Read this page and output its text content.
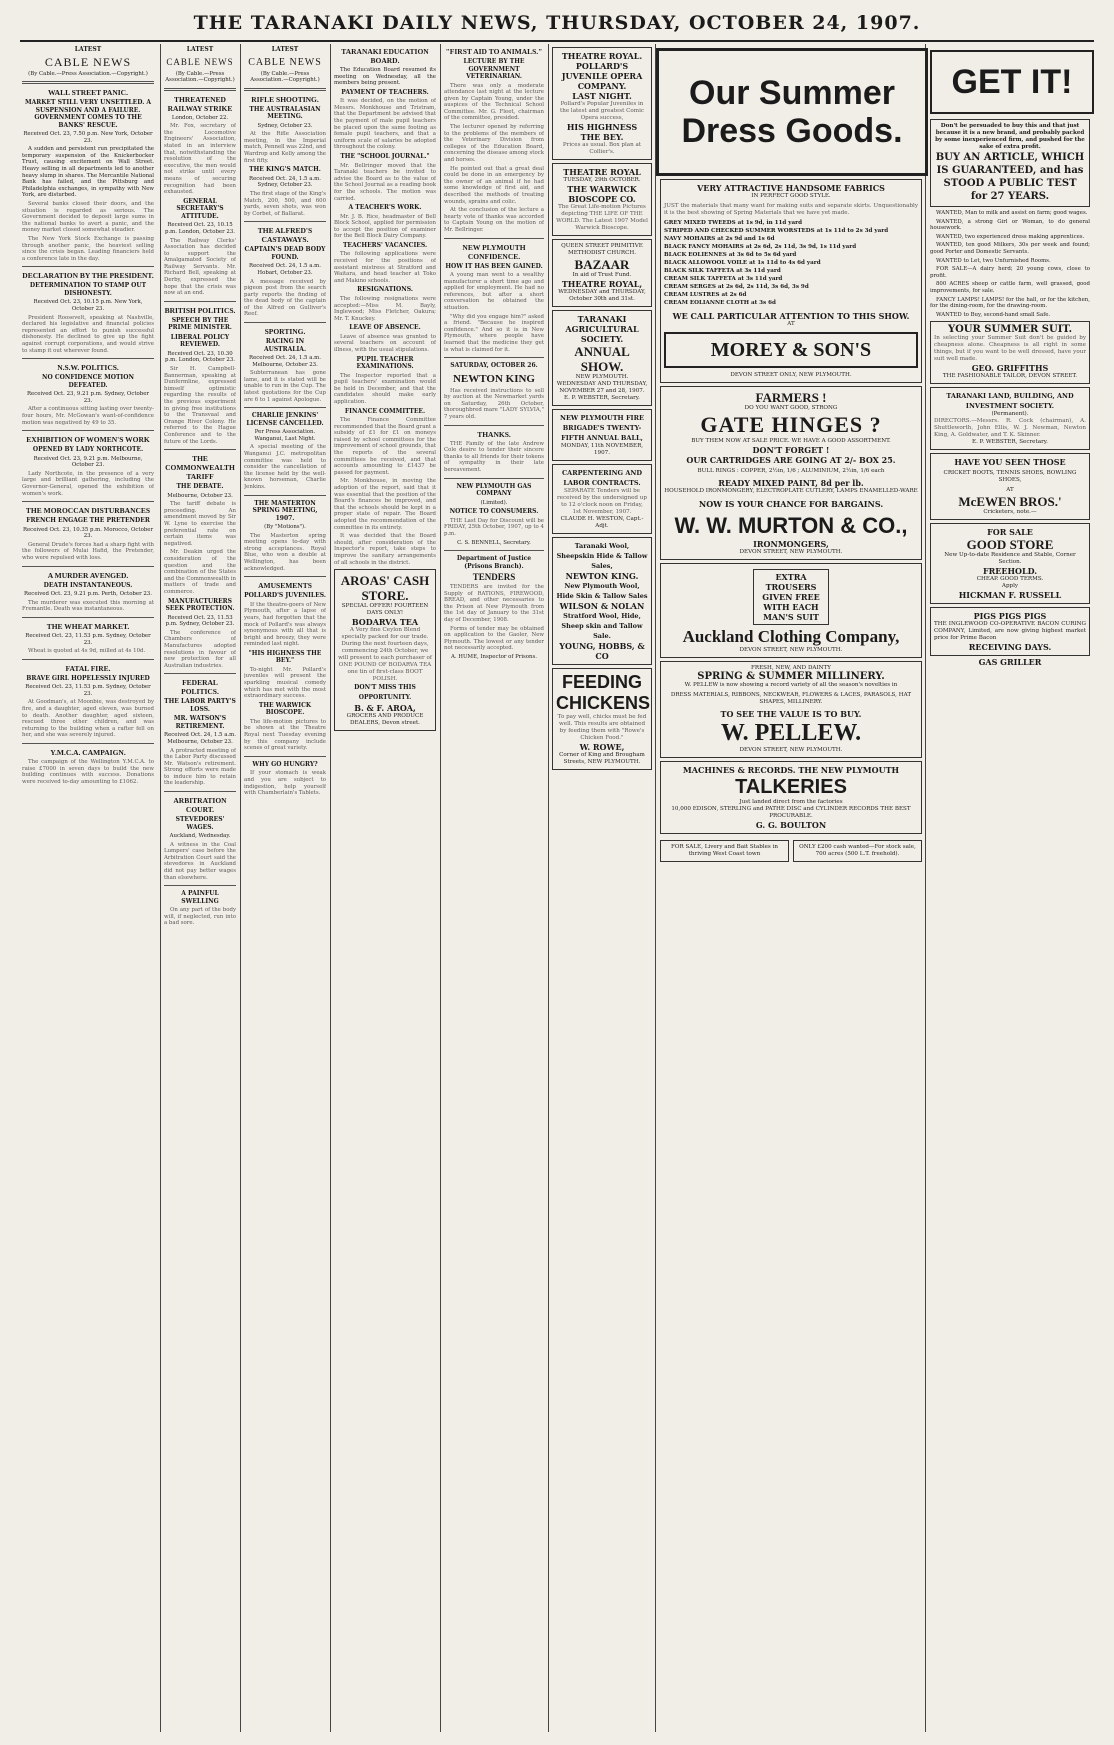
THE TARANAKI DAILY NEWS, THURSDAY, OCTOBER 24, 1907.
LATEST
CABLE NEWS
(By Cable.—Press Association.—Copyright.)
WALL STREET PANIC.
MARKET STILL VERY UNSETTLED. A SUSPENSION AND A FAILURE. GOVERNMENT COMES TO THE BANKS' RESCUE.
Received Oct. 23, 7.50 p.m. New York, October 23.

A sudden and persistent run precipitated the temporary suspension of the Knickerbocker Trust, causing excitement on Wall Street. Heavy selling in all departments led to another heavy slump in shares. The Mercantile National Bank has failed, and the Pittsburg and Philadelphia exchanges, in sympathy with New York, are disturbed.

Several banks closed their doors, and the situation is regarded as serious. The Government decided to deposit large sums in the national banks to avert a panic, and the money market closed somewhat steadier.

The New York Stock Exchange is passing through another panic, the heaviest selling since the crisis began. Leading financiers held a conference late in the day.

DECLARATION BY THE PRESIDENT.
DETERMINATION TO STAMP OUT DISHONESTY.
Received Oct. 23, 10.15 p.m. New York, October 23.

President Roosevelt, speaking at Nashville, declared his legislative and financial policies represented an effort to punish successful dishonesty. He declined to give up the fight against corrupt corporations, and would strive to stamp it out wherever found.

N.S.W. POLITICS.
NO CONFIDENCE MOTION DEFEATED.
Received Oct. 23, 9.21 p.m. Sydney, October 23.

After a continuous sitting lasting over twenty-four hours, Mr. McGowan's want-of-confidence motion was negatived by 49 to 35.

EXHIBITION OF WOMEN'S WORK
OPENED BY LADY NORTHCOTE.
Received Oct. 23, 9.21 p.m. Melbourne, October 23.

Lady Northcote, in the presence of a very large and brilliant gathering, including the Governor-General, opened the exhibition of women's work.

THE MOROCCAN DISTURBANCES
FRENCH ENGAGE THE PRETENDER
Received Oct. 23, 10.35 p.m. Morocco, October 23.

General Drude's forces had a sharp fight with the followers of Mulai Hafid, the Pretender, who were repulsed with loss.

A MURDER AVENGED.
DEATH INSTANTANEOUS.
Received Oct. 23, 9.21 p.m. Perth, October 23.

The murderer was executed this morning at Fremantle. Death was instantaneous.

THE WHEAT MARKET.
Received Oct. 23, 11.53 p.m. Sydney, October 23.

Wheat is quoted at 4s 9d, milled at 4s 10d.

FATAL FIRE.
BRAVE GIRL HOPELESSLY INJURED
Received Oct. 23, 11.53 p.m. Sydney, October 23.

At Goodman's, at Moonbie, was destroyed by fire, and a daughter, aged eleven, was burned to death. Another daughter, aged sixteen, rescued three other children, and was returning to the building when a rafter fell on her, and she was severely injured.

Y.M.C.A. CAMPAIGN.

The campaign of the Wellington Y.M.C.A. to raise £7000 in seven days to build the new building continues with success. Donations were received to-day amounting to £1062.

LATEST
CABLE NEWS
(By Cable.—Press Association.—Copyright.)
THREATENED RAILWAY STRIKE
London, October 22.

Mr. Fox, secretary of the Locomotive Engineers' Association, stated in an interview that, notwithstanding the resolution of the executive, the men would not strike until every means of securing recognition had been exhausted.

GENERAL SECRETARY'S ATTITUDE.
Received Oct. 23, 10.15 p.m. London, October 23.

The Railway Clerks' Association has decided to support the Amalgamated Society of Railway Servants. Mr. Richard Bell, speaking at Derby, expressed the hope that the crisis was now at an end.

BRITISH POLITICS.
SPEECH BY THE PRIME MINISTER.
LIBERAL POLICY REVIEWED.
Received Oct. 23, 10.30 p.m. London, October 23.

Sir H. Campbell-Bannerman, speaking at Dunfermline, expressed himself optimistic regarding the results of the previous experiment in giving free institutions to the Transvaal and Orange River Colony. He referred to the Hague Conference and to the future of the Lords.

THE COMMONWEALTH TARIFF
THE DEBATE.
Melbourne, October 23.

The tariff debate is proceeding. An amendment moved by Sir W. Lyne to exercise the preferential rate on certain items was negatived.

Mr. Deakin urged the consideration of the question and the combination of the States and the Commonwealth in matters of trade and commerce.

MANUFACTURERS SEEK PROTECTION.
Received Oct. 23, 11.53 p.m. Sydney, October 23.

The conference of Chambers of Manufactures adopted resolutions in favour of new protection for all Australian industries.

FEDERAL POLITICS.
THE LABOR PARTY'S LOSS.
MR. WATSON'S RETIREMENT.
Received Oct. 24, 1.5 a.m. Melbourne, October 23.

A protracted meeting of the Labor Party discussed Mr. Watson's retirement. Strong efforts were made to induce him to retain the leadership.

ARBITRATION COURT.
STEVEDORES' WAGES.
Auckland, Wednesday.

A witness in the Coal Lumpers' case before the Arbitration Court said the stevedores in Auckland did not pay better wages than elsewhere.

A PAINFUL SWELLING

On any part of the body will, if neglected, run into a bad sore.

LATEST
CABLE NEWS
(By Cable.—Press Association.—Copyright.)
RIFLE SHOOTING.
THE AUSTRALASIAN MEETING.
Sydney, October 23.

At the Rifle Association meeting, in the Imperial match, Pennell was 22nd, and Wardrop and Kelly among the first fifty.

THE KING'S MATCH.
Received Oct. 24, 1.5 a.m. Sydney, October 23.

The first stage of the King's Match, 200, 500, and 600 yards, seven shots, was won by Corbet, of Ballarat.

THE ALFRED'S CASTAWAYS.
CAPTAIN'S DEAD BODY FOUND.
Received Oct. 24, 1.5 a.m. Hobart, October 23.

A message received by pigeon post from the search party reports the finding of the dead body of the captain of the Alfred on Gulliver's Reef.

SPORTING.
RACING IN AUSTRALIA.
Received Oct. 24, 1.5 a.m. Melbourne, October 23.

Subterranean has gone lame, and it is stated will be unable to run in the Cup. The latest quotations for the Cup are 6 to 1 against Apologue.

CHARLIE JENKINS' LICENSE CANCELLED.
Per Press Association. Wanganui, Last Night.

A special meeting of the Wanganui J.C. metropolitan committee was held to consider the cancellation of the license held by the well-known horseman, Charlie Jenkins.

THE MASTERTON SPRING MEETING, 1907.
(By "Motions").

The Masterton spring meeting opens to-day with strong acceptances. Royal Blue, who won a double at Wellington, has been acknowledged.

AMUSEMENTS
POLLARD'S JUVENILES.

If the theatre-goers of New Plymouth, after a lapse of years, had forgotten that the mock of Pollard's was always synonymous with all that is bright and breezy, they were reminded last night.

"HIS HIGHNESS THE BEY."

To-night Mr. Pollard's juveniles will present the sparkling musical comedy which has met with the most extraordinary success.

THE WARWICK BIOSCOPE.

The life-motion pictures to be shown at the Theatre Royal next Tuesday evening by this company include scenes of great variety.

WHY GO HUNGRY?

If your stomach is weak and you are subject to indigestion, help yourself with Chamberlain's Tablets.

TARANAKI EDUCATION BOARD.

The Education Board resumed its meeting on Wednesday, all the members being present.

PAYMENT OF TEACHERS.

It was decided, on the motion of Messrs. Monkhouse and Tristram, that the Department be advised that the payment of male pupil teachers be placed upon the same footing as female pupil teachers, and that a uniform scale of salaries be adopted throughout the colony.

THE "SCHOOL JOURNAL."

Mr. Bellringer moved that the Taranaki teachers be invited to advise the Board as to the value of the School Journal as a reading book for the schools. The motion was carried.

A TEACHER'S WORK.

Mr. J. B. Rice, headmaster of Bell Block School, applied for permission to accept the position of examiner for the Bell Block Dairy Company.

TEACHERS' VACANCIES.

The following applications were received for the positions of assistant mistress at Stratford and Waitara, and head teacher at Toko and Makino schools.

RESIGNATIONS.

The following resignations were accepted:—Miss M. Bayly, Inglewood; Miss Fletcher, Oakura; Mr. T. Knuckey.

LEAVE OF ABSENCE.

Leave of absence was granted to several teachers on account of illness, with the usual stipulations.

PUPIL TEACHER EXAMINATIONS.

The Inspector reported that a pupil teachers' examination would be held in December, and that the candidates should make early application.

FINANCE COMMITTEE.

The Finance Committee recommended that the Board grant a subsidy of £1 for £1 on moneys raised by school committees for the improvement of school grounds, that the reports of the several committees be received, and that accounts amounting to £1437 be passed for payment.

Mr. Monkhouse, in moving the adoption of the report, said that it was essential that the position of the Board's finances be improved, and that the schools should be kept in a proper state of repair. The Board adopted the recommendation of the committee in its entirety.

It was decided that the Board should, after consideration of the Inspector's report, take steps to improve the sanitary arrangements of all schools in the district.

AROAS' CASH STORE.
SPECIAL OFFER! FOURTEEN DAYS ONLY!
BODARVA TEA
A Very fine Ceylon Blend specially packed for our trade. During the next fourteen days, commencing 24th October, we will present to each purchaser of ONE POUND OF BODARVA TEA one tin of first-class BOOT POLISH.
DON'T MISS THIS OPPORTUNITY.
B. & F. AROA,
GROCERS AND PRODUCE DEALERS, Devon street.
"FIRST AID TO ANIMALS."
LECTURE BY THE GOVERNMENT VETERINARIAN.

There was only a moderate attendance last night at the lecture given by Captain Young, under the auspices of the Technical School Committee. Mr. G. Fleet, chairman of the committee, presided.

The lecturer opened by referring to the problems of the members of the Veterinary Division from colleges of the Education Board, concerning the disease among stock and horses.

He pointed out that a great deal could be done in an emergency by the owner of an animal if he had some knowledge of first aid, and described the methods of treating wounds, sprains and colic.

At the conclusion of the lecture a hearty vote of thanks was accorded to Captain Young on the motion of Mr. Bellringer.

NEW PLYMOUTH CONFIDENCE.
HOW IT HAS BEEN GAINED.

A young man went to a wealthy manufacturer a short time ago and applied for employment. He had no references, but after a short conversation he obtained the situation.

"Why did you engage him?" asked a friend. "Because he inspired confidence." And so it is in New Plymouth, where people have learned that the medicine they get is what is claimed for it.

SATURDAY, OCTOBER 26.
NEWTON KING

Has received instructions to sell by auction at the Newmarket yards on Saturday, 26th October, thoroughbred mare "LADY SYLVIA," 7 years old.

THANKS.

THE Family of the late Andrew Cole desire to tender their sincere thanks to all friends for their tokens of sympathy in their late bereavement.

NEW PLYMOUTH GAS COMPANY
(Limited).
NOTICE TO CONSUMERS.

THE Last Day for Discount will be FRIDAY, 25th October, 1907, up to 4 p.m.

C. S. BENNELL, Secretary.
Department of Justice (Prisons Branch).
TENDERS

TENDERS are invited for the Supply of RATIONS, FIREWOOD, BREAD, and other necessaries to the Prison at New Plymouth from the 1st day of January to the 31st day of December, 1908.

Forms of tender may be obtained on application to the Gaoler, New Plymouth. The lowest or any tender not necessarily accepted.

A. HUME, Inspector of Prisons.
THEATRE ROYAL.
POLLARD'S JUVENILE OPERA COMPANY.
LAST NIGHT.
Pollard's Popular Juveniles in the latest and greatest Comic Opera success,
HIS HIGHNESS THE BEY.
Prices as usual. Box plan at Collier's.
THEATRE ROYAL
TUESDAY, 29th OCTOBER.
THE WARWICK BIOSCOPE CO.
The Great Life-motion Pictures depicting THE LIFE OF THE WORLD. The Latest 1907 Model Warwick Bioscope.
QUEEN STREET PRIMITIVE METHODIST CHURCH.
BAZAAR
In aid of Trust Fund.
THEATRE ROYAL,
WEDNESDAY and THURSDAY, October 30th and 31st.
TARANAKI AGRICULTURAL SOCIETY.
ANNUAL SHOW.
NEW PLYMOUTH.
WEDNESDAY AND THURSDAY, NOVEMBER 27 and 28, 1907.
E. P. WEBSTER, Secretary.
NEW PLYMOUTH FIRE BRIGADE'S TWENTY-FIFTH ANNUAL BALL,
MONDAY, 11th NOVEMBER, 1907.
CARPENTERING AND LABOR CONTRACTS.
SEPARATE Tenders will be received by the undersigned up to 12 o'clock noon on Friday, 1st November, 1907.
CLAUDE H. WESTON, Capt.-Adjt.
Taranaki Wool, Sheepskin Hide & Tallow Sales,
NEWTON KING.
New Plymouth Wool, Hide Skin & Tallow Sales
WILSON & NOLAN
Stratford Wool, Hide, Sheep skin and Tallow Sale.
YOUNG, HOBBS, & CO
FEEDING CHICKENS
To pay well, chicks must be fed well. This results are obtained by feeding them with "Rowe's Chicken Food."
W. ROWE,
Corner of King and Brougham Streets, NEW PLYMOUTH.
Our Summer Dress Goods.
VERY ATTRACTIVE HANDSOME FABRICS
IN PERFECT GOOD STYLE.
JUST the materials that many want for making suits and separate skirts. Unquestionably it is the best showing of Spring Materials that we have yet made.
GREY MIXED TWEEDS at 1s 9d, in 11d yard
STRIPED AND CHECKED SUMMER WORSTEDS at 1s 11d to 2s 3d yard
NAVY MOHAIRS at 2s 9d and 1s 6d
BLACK FANCY MOHAIRS at 2s 6d, 2s 11d, 3s 9d, 1s 11d yard
BLACK EOLIENNES at 3s 6d to 5s 6d yard
BLACK ALLOWOOL VOILE at 1s 11d to 4s 6d yard
BLACK SILK TAFFETA at 3s 11d yard
CREAM SILK TAFFETA at 3s 11d yard
CREAM SERGES at 2s 6d, 2s 11d, 3s 6d, 3s 9d
CREAM LUSTRES at 2s 6d
CREAM EOLIANNE CLOTH at 3s 6d
WE CALL PARTICULAR ATTENTION TO THIS SHOW.
AT
MOREY & SON'S
DEVON STREET ONLY, NEW PLYMOUTH.
FARMERS !
DO YOU WANT GOOD, STRONG
GATE HINGES ?
BUY THEM NOW AT SALE PRICE. WE HAVE A GOOD ASSORTMENT.
DON'T FORGET !
OUR CARTRIDGES ARE GOING AT 2/- BOX 25.
BULL RINGS : COPPER, 2½in, 1/6 ; ALUMINIUM, 2½in, 1/6 each
READY MIXED PAINT, 8d per lb.
HOUSEHOLD IRONMONGERY, ELECTROPLATE CUTLERY, LAMPS ENAMELLED-WARE
NOW IS YOUR CHANCE FOR BARGAINS.
W. W. MURTON & CO.,
IRONMONGERS,
DEVON STREET, NEW PLYMOUTH.
EXTRA TROUSERS GIVEN FREE WITH EACH MAN'S SUIT
Auckland Clothing Company,
DEVON STREET, NEW PLYMOUTH.
FRESH, NEW, AND DAINTY
SPRING & SUMMER MILLINERY.
W. PELLEW is now showing a record variety of all the season's novelties in
DRESS MATERIALS, RIBBONS, NECKWEAR, FLOWERS & LACES, PARASOLS, HAT SHAPES, MILLINERY.
TO SEE THE VALUE IS TO BUY.
W. PELLEW.
DEVON STREET, NEW PLYMOUTH.
MACHINES & RECORDS. THE NEW PLYMOUTH
TALKERIES
Just landed direct from the factories
10,000 EDISON, STERLING and PATHE DISC and CYLINDER RECORDS THE BEST PROCURABLE.
G. G. BOULTON
FOR SALE, Livery and Bait Stables in thriving West Coast town
ONLY £200 cash wanted—For stock sale, 700 acres (500 L.T. freehold).
GET IT!
Don't be persuaded to buy this and that just because it is a new brand, and probably packed by some inexperienced firm, and pushed for the sake of extra profit.
BUY AN ARTICLE, WHICH IS GUARANTEED, and has STOOD A PUBLIC TEST for 27 YEARS.

WANTED, Man to milk and assist on farm; good wages.

WANTED, a strong Girl or Woman, to do general housework.

WANTED, two experienced dress making apprentices.

WANTED, ten good Milkers, 30s per week and found; good Porter and Domestic Servants.

WANTED to Let, two Unfurnished Rooms.

FOR SALE—A dairy herd; 20 young cows, close to profit.

800 ACRES sheep or cattle farm, well grassed, good improvements, for sale.

FANCY LAMPS! LAMPS! for the hall, or for the kitchen, for the dining-room, for the drawing-room.

WANTED to Buy, second-hand small Safe.

YOUR SUMMER SUIT.
In selecting your Summer Suit don't be guided by cheapness alone. Cheapness is all right in some things, but if you want to be well dressed, have your suit well made.
GEO. GRIFFITHS
THE FASHIONABLE TAILOR, DEVON STREET.
TARANAKI LAND, BUILDING, AND INVESTMENT SOCIETY.
(Permanent).
DIRECTORS.—Messrs. R. Cock (chairman), A. Shuttleworth, John Ellis, W. J. Newman, Newton King, A. Goldwater, and T. K. Skinner.
E. P. WEBSTER, Secretary.
HAVE YOU SEEN THOSE
CRICKET BOOTS, TENNIS SHOES, BOWLING SHOES,
AT
McEWEN BROS.'
Cricketers, note.—
FOR SALE
GOOD STORE
New Up-to-date Residence and Stable, Corner Section.
FREEHOLD.
CHEAP. GOOD TERMS.
Apply
HICKMAN F. RUSSELL
PIGS PIGS PIGS
THE INGLEWOOD CO-OPERATIVE BACON CURING COMPANY, Limited, are now giving highest market price for Prime Bacon
RECEIVING DAYS.
GAS GRILLER
